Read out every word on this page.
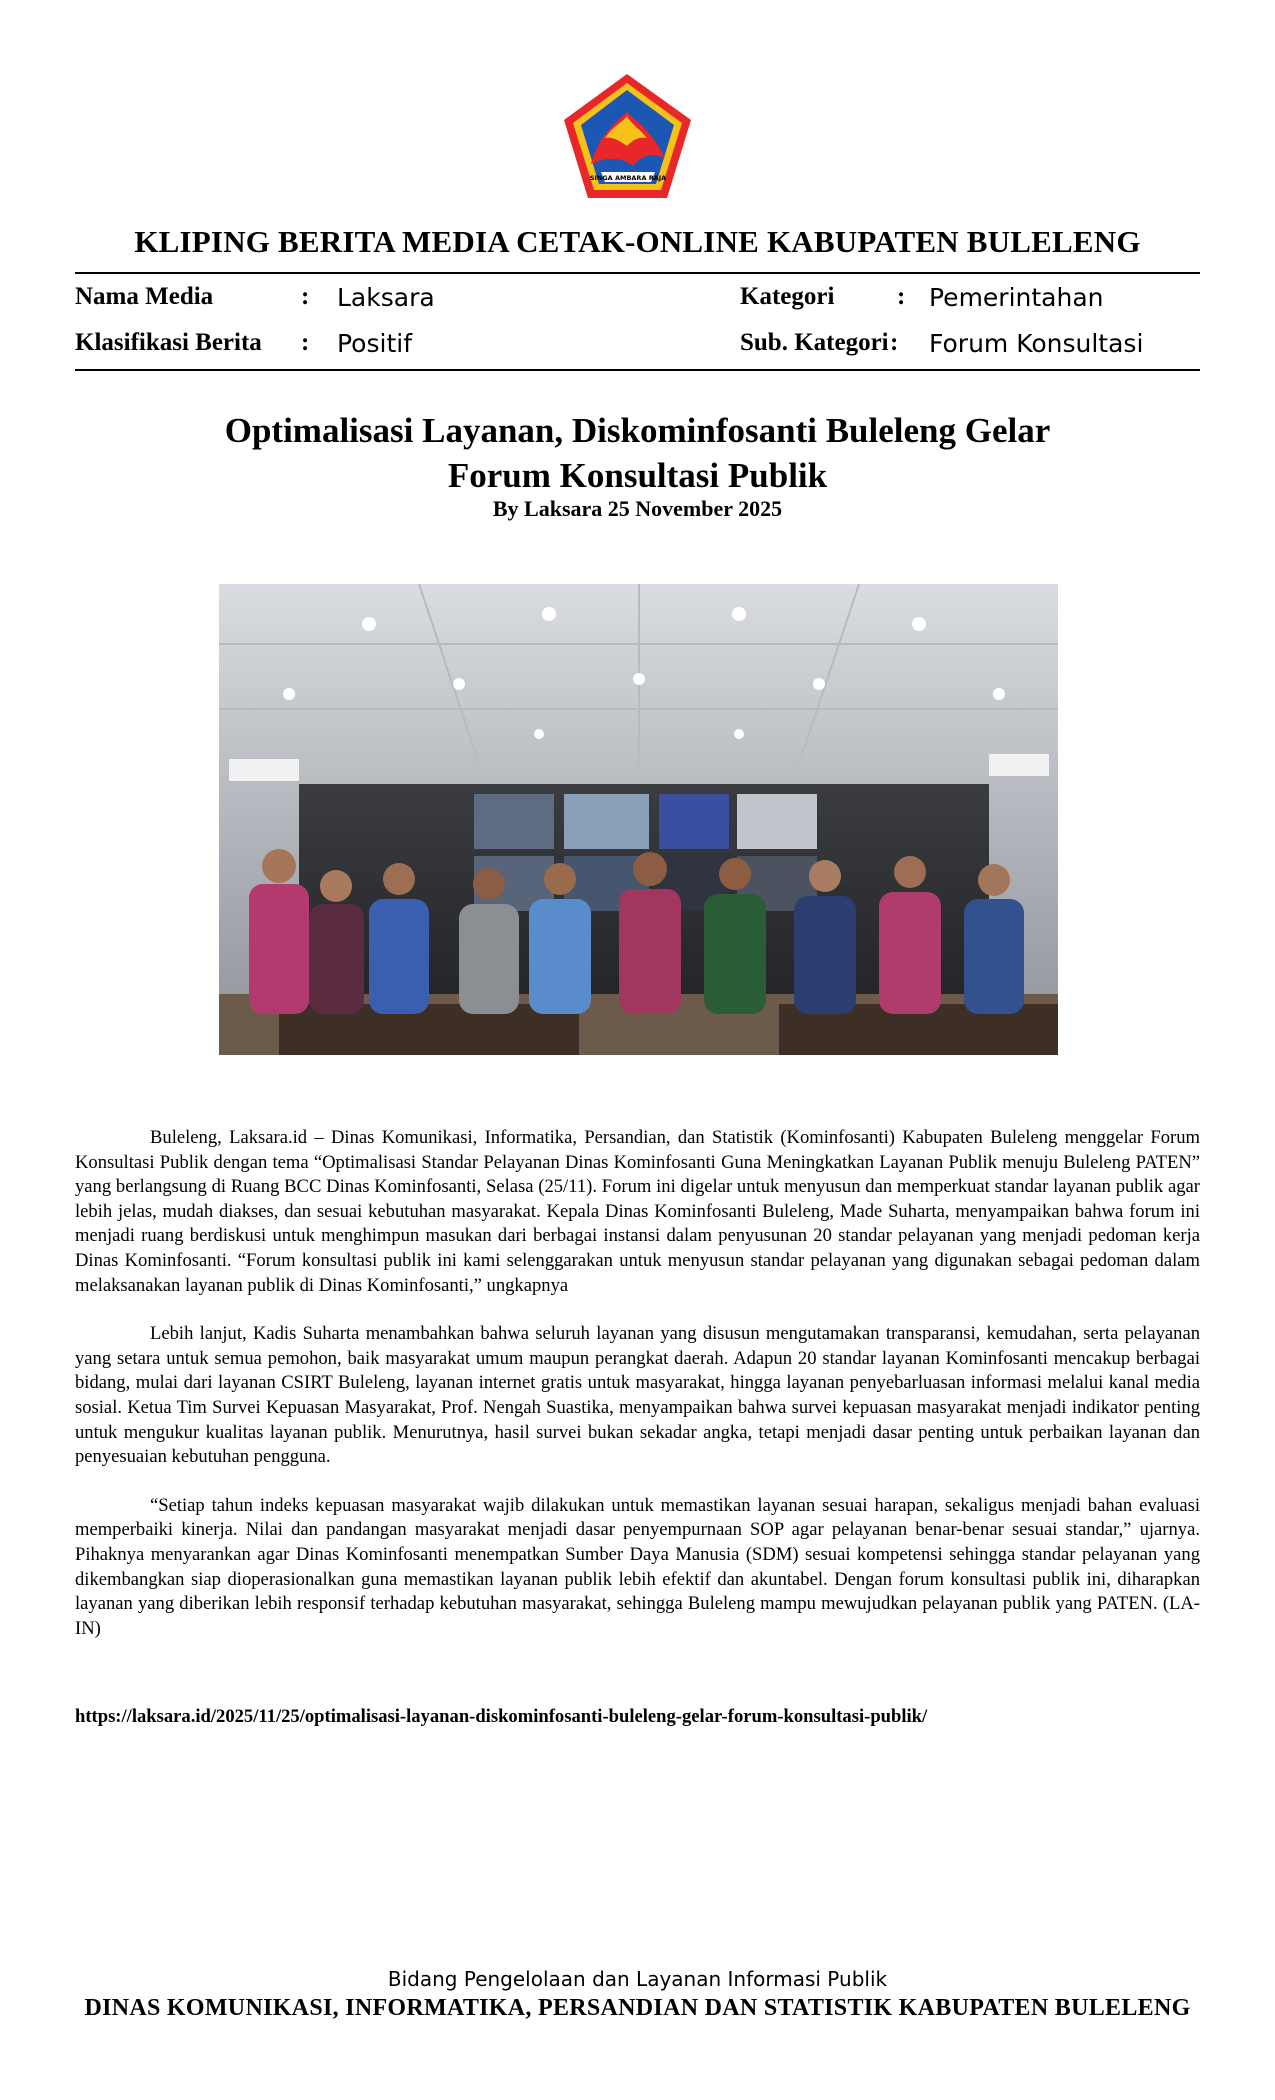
SINGA AMBARA RAJA
KLIPING BERITA MEDIA CETAK-ONLINE KABUPATEN BULELENG
Nama Media	: Laksara
Klasifikasi Berita : Positif
Kategori	: Pemerintahan
Sub. Kategori : Forum Konsultasi
Optimalisasi Layanan, Diskominfosanti Buleleng Gelar
Forum Konsultasi Publik
By Laksara 25 November 2025

Buleleng, Laksara.id – Dinas Komunikasi, Informatika, Persandian, dan Statistik (Kominfosanti) Kabupaten Buleleng menggelar Forum Konsultasi Publik dengan tema “Optimalisasi Standar Pelayanan Dinas Kominfosanti Guna Meningkatkan Layanan Publik menuju Buleleng PATEN” yang berlangsung di Ruang BCC Dinas Kominfosanti, Selasa (25/11). Forum ini digelar untuk menyusun dan memperkuat standar layanan publik agar lebih jelas, mudah diakses, dan sesuai kebutuhan masyarakat. Kepala Dinas Kominfosanti Buleleng, Made Suharta, menyampaikan bahwa forum ini menjadi ruang berdiskusi untuk menghimpun masukan dari berbagai instansi dalam penyusunan 20 standar pelayanan yang menjadi pedoman kerja Dinas Kominfosanti. “Forum konsultasi publik ini kami selenggarakan untuk menyusun standar pelayanan yang digunakan sebagai pedoman dalam melaksanakan layanan publik di Dinas Kominfosanti,” ungkapnya

Lebih lanjut, Kadis Suharta menambahkan bahwa seluruh layanan yang disusun mengutamakan transparansi, kemudahan, serta pelayanan yang setara untuk semua pemohon, baik masyarakat umum maupun perangkat daerah. Adapun 20 standar layanan Kominfosanti mencakup berbagai bidang, mulai dari layanan CSIRT Buleleng, layanan internet gratis untuk masyarakat, hingga layanan penyebarluasan informasi melalui kanal media sosial. Ketua Tim Survei Kepuasan Masyarakat, Prof. Nengah Suastika, menyampaikan bahwa survei kepuasan masyarakat menjadi indikator penting untuk mengukur kualitas layanan publik. Menurutnya, hasil survei bukan sekadar angka, tetapi menjadi dasar penting untuk perbaikan layanan dan penyesuaian kebutuhan pengguna.

“Setiap tahun indeks kepuasan masyarakat wajib dilakukan untuk memastikan layanan sesuai harapan, sekaligus menjadi bahan evaluasi memperbaiki kinerja. Nilai dan pandangan masyarakat menjadi dasar penyempurnaan SOP agar pelayanan benar-benar sesuai standar,” ujarnya. Pihaknya menyarankan agar Dinas Kominfosanti menempatkan Sumber Daya Manusia (SDM) sesuai kompetensi sehingga standar pelayanan yang dikembangkan siap dioperasionalkan guna memastikan layanan publik lebih efektif dan akuntabel. Dengan forum konsultasi publik ini, diharapkan layanan yang diberikan lebih responsif terhadap kebutuhan masyarakat, sehingga Buleleng mampu mewujudkan pelayanan publik yang PATEN. (LA-IN)

https://laksara.id/2025/11/25/optimalisasi-layanan-diskominfosanti-buleleng-gelar-forum-konsultasi-publik/
Bidang Pengelolaan dan Layanan Informasi Publik
DINAS KOMUNIKASI, INFORMATIKA, PERSANDIAN DAN STATISTIK KABUPATEN BULELENG
